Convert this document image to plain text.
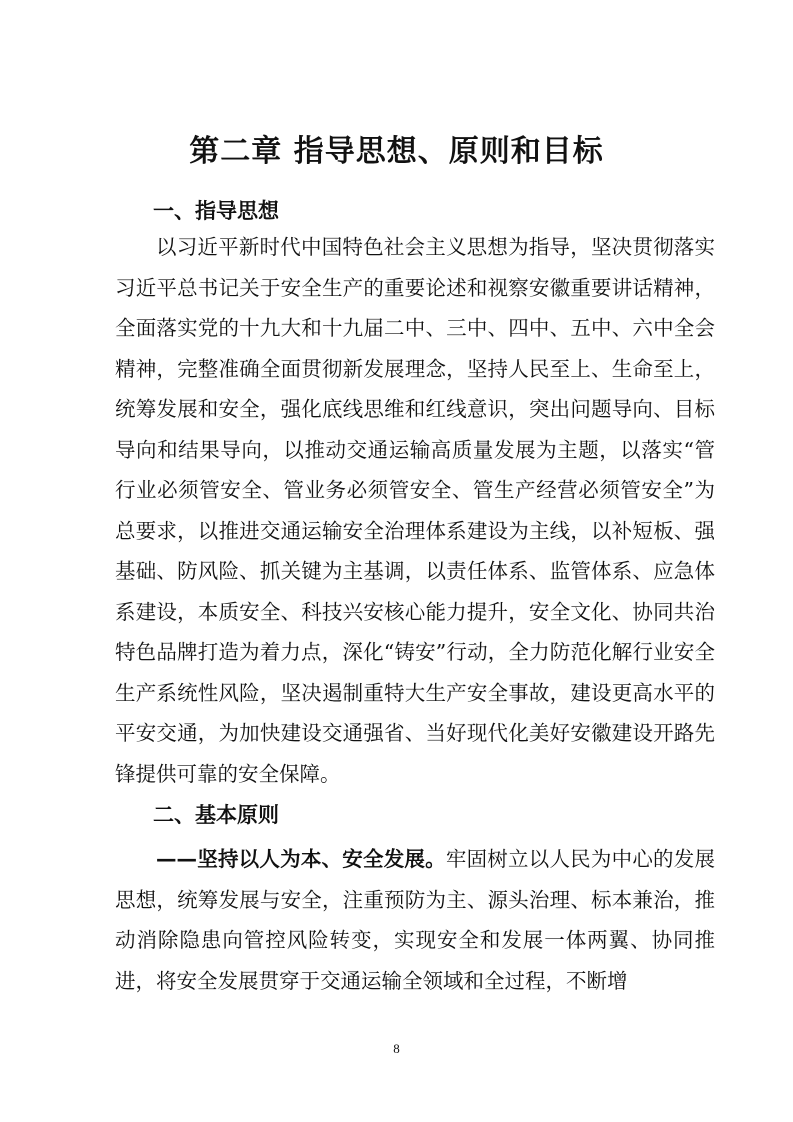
第二章 指导思想、原则和目标
一、指导思想

以习近平新时代中国特色社会主义思想为指导，坚决贯彻落实习近平总书记关于安全生产的重要论述和视察安徽重要讲话精神，全面落实党的十九大和十九届二中、三中、四中、五中、六中全会精神，完整准确全面贯彻新发展理念，坚持人民至上、生命至上，统筹发展和安全，强化底线思维和红线意识，突出问题导向、目标导向和结果导向，以推动交通运输高质量发展为主题，以落实“管行业必须管安全、管业务必须管安全、管生产经营必须管安全”为总要求，以推进交通运输安全治理体系建设为主线，以补短板、强基础、防风险、抓关键为主基调，以责任体系、监管体系、应急体系建设，本质安全、科技兴安核心能力提升，安全文化、协同共治特色品牌打造为着力点，深化“铸安”行动，全力防范化解行业安全生产系统性风险，坚决遏制重特大生产安全事故，建设更高水平的平安交通，为加快建设交通强省、当好现代化美好安徽建设开路先锋提供可靠的安全保障。

二、基本原则

——坚持以人为本、安全发展。牢固树立以人民为中心的发展思想，统筹发展与安全，注重预防为主、源头治理、标本兼治，推动消除隐患向管控风险转变，实现安全和发展一体两翼、协同推进，将安全发展贯穿于交通运输全领域和全过程，不断增

8
